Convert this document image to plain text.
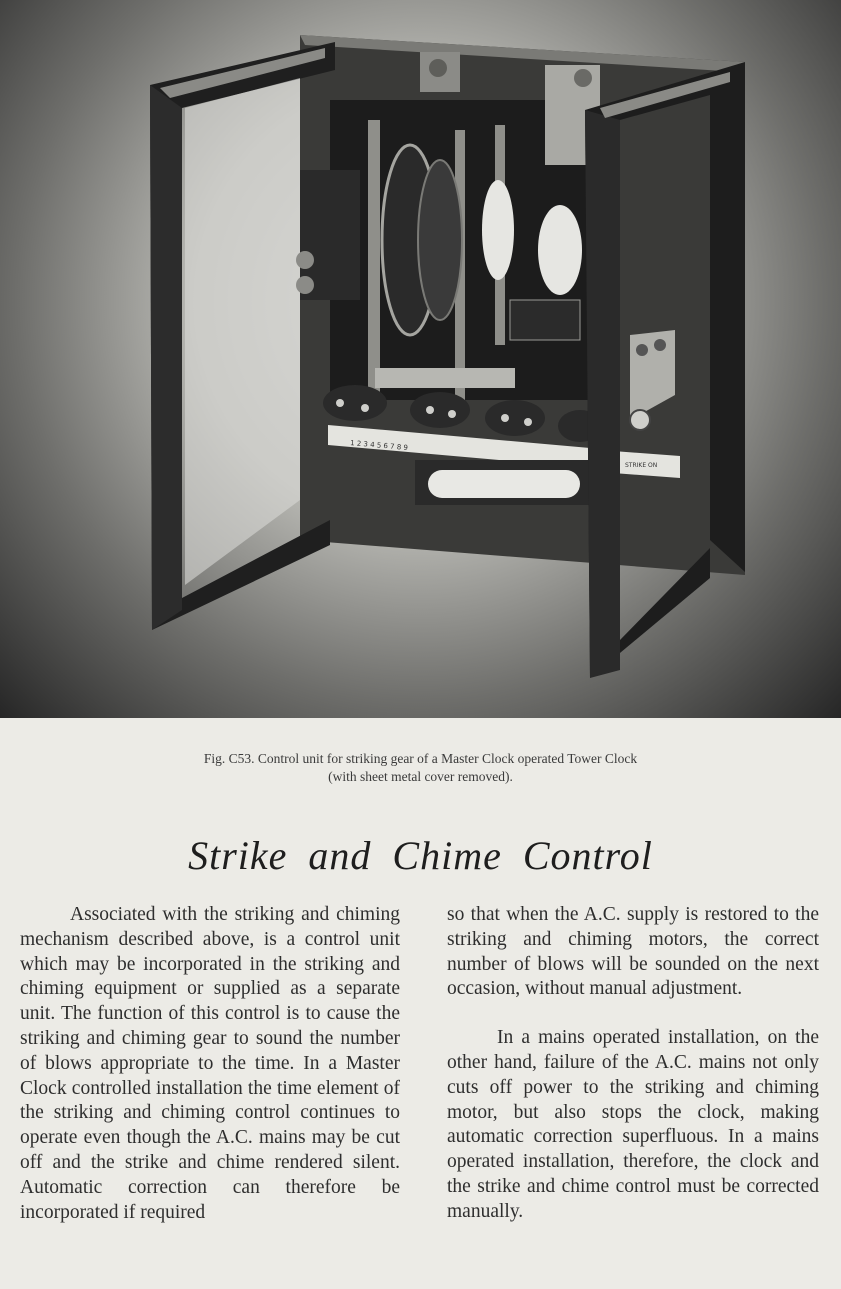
1 2 3 4 5 6 7 8 9
STRIKE ON
Fig. C53. Control unit for striking gear of a Master Clock operated Tower Clock
(with sheet metal cover removed).
Strike and Chime Control

Associated with the striking and chiming mechanism described above, is a control unit which may be incorporated in the striking and chiming equipment or supplied as a separate unit. The function of this control is to cause the striking and chiming gear to sound the number of blows appropriate to the time. In a Master Clock controlled installation the time element of the striking and chiming control continues to operate even though the A.C. mains may be cut off and the strike and chime rendered silent. Automatic correction can therefore be incorporated if required

so that when the A.C. supply is restored to the striking and chiming motors, the correct number of blows will be sounded on the next occasion, without manual adjustment.

In a mains operated installation, on the other hand, failure of the A.C. mains not only cuts off power to the striking and chiming motor, but also stops the clock, making automatic correction superfluous. In a mains operated installation, therefore, the clock and the strike and chime control must be corrected manually.
